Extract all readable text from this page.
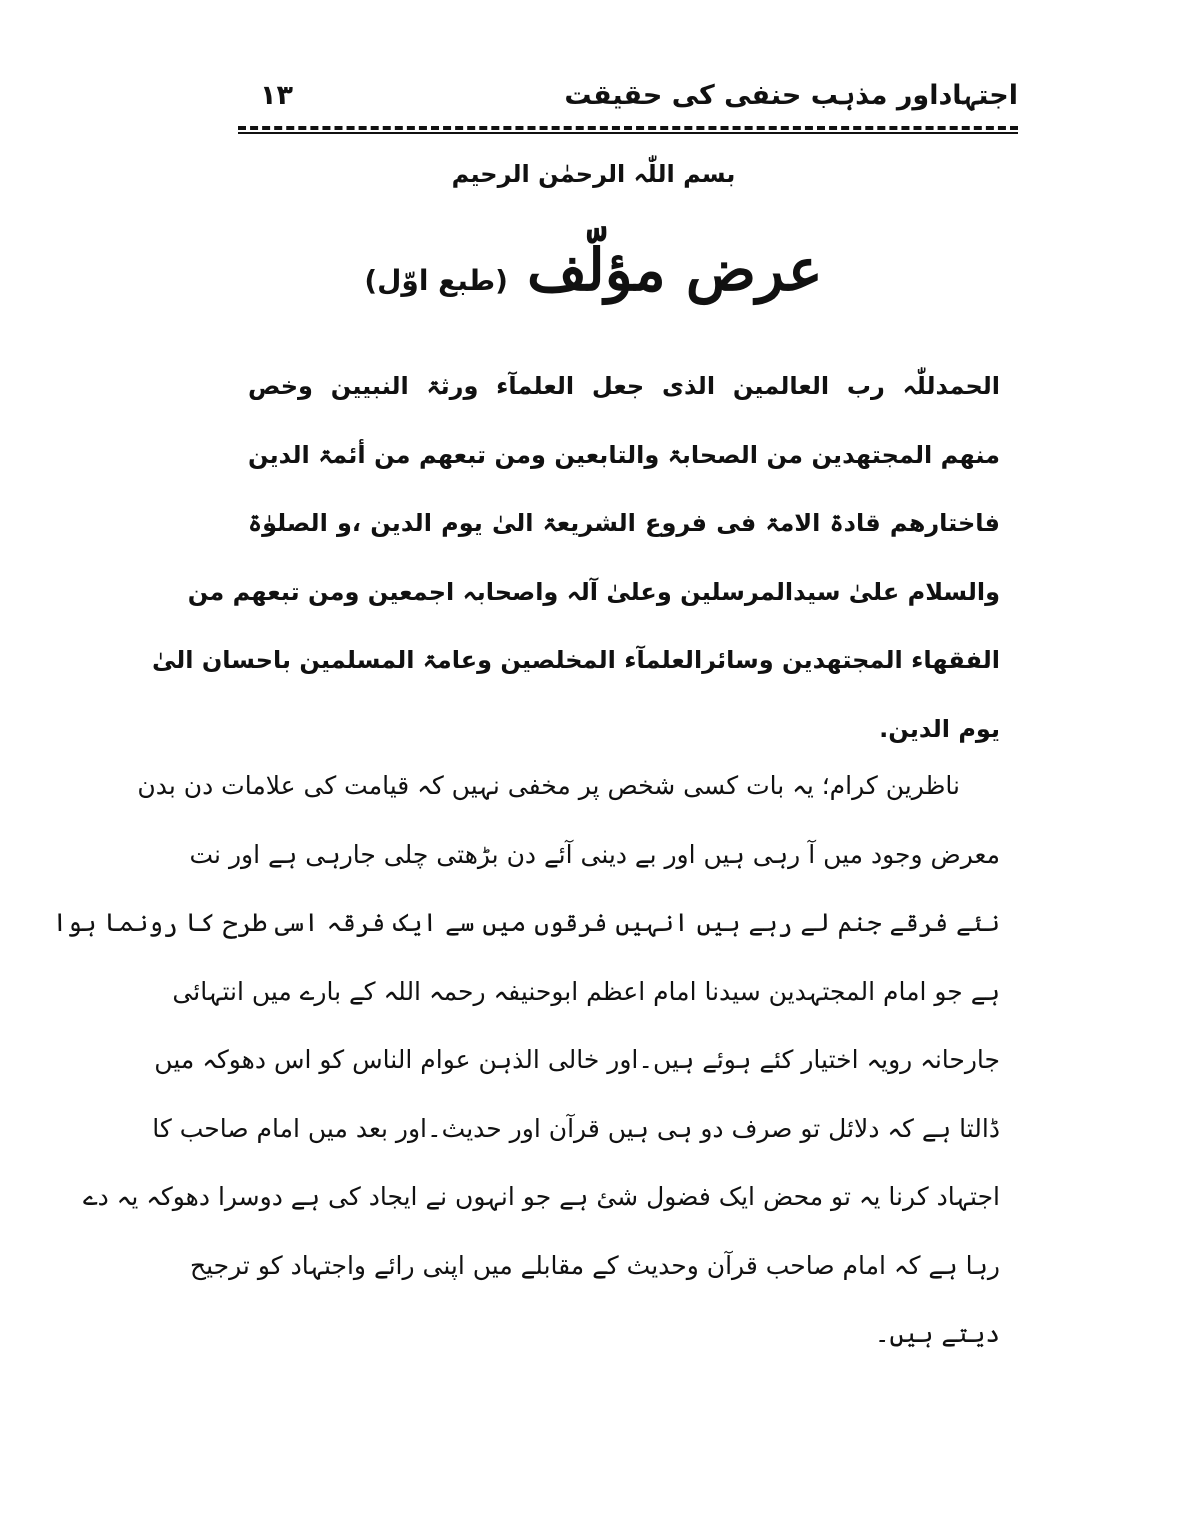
اجتہاداور مذہب حنفی کی حقیقت
۱۳
بسم اللّٰہ الرحمٰن الرحیم
عرض مؤلّف (طبع اوّل)
الحمدللّٰہ رب العالمین الذی جعل العلمآء ورثۃ النبیین وخص
منھم المجتھدین من الصحابۃ والتابعین ومن تبعھم من أئمۃ الدین
فاختارھم قادۃ الامۃ فی فروع الشریعۃ الیٰ یوم الدین ،و الصلوٰۃ
والسلام علیٰ سیدالمرسلین وعلیٰ آلہ واصحابہ اجمعین ومن تبعھم من
الفقھاء المجتھدین وسائرالعلمآء المخلصین وعامۃ المسلمین باحسان الیٰ
یوم الدین.
ناظرین کرام؛ یہ بات کسی شخص پر مخفی نہیں کہ قیامت کی علامات دن بدن
معرض وجود میں آ رہی ہیں اور بے دینی آئے دن بڑھتی چلی جارہی ہے اور نت
نئے فرقے جنم لے رہے ہیں انہیں فرقوں میں سے ایک فرقہ اسی طرح کا رونما ہوا
ہے جو امام المجتہدین سیدنا امام اعظم ابوحنیفہ رحمہ اللہ کے بارے میں انتہائی
جارحانہ رویہ اختیار کئے ہوئے ہیں۔اور خالی الذہن عوام الناس کو اس دھوکہ میں
ڈالتا ہے کہ دلائل تو صرف دو ہی ہیں قرآن اور حدیث۔اور بعد میں امام صاحب کا
اجتہاد کرنا یہ تو محض ایک فضول شئ ہے جو انہوں نے ایجاد کی ہے دوسرا دھوکہ یہ دے
رہا ہے کہ امام صاحب قرآن وحدیث کے مقابلے میں اپنی رائے واجتہاد کو ترجیح
دیتے ہیں۔
